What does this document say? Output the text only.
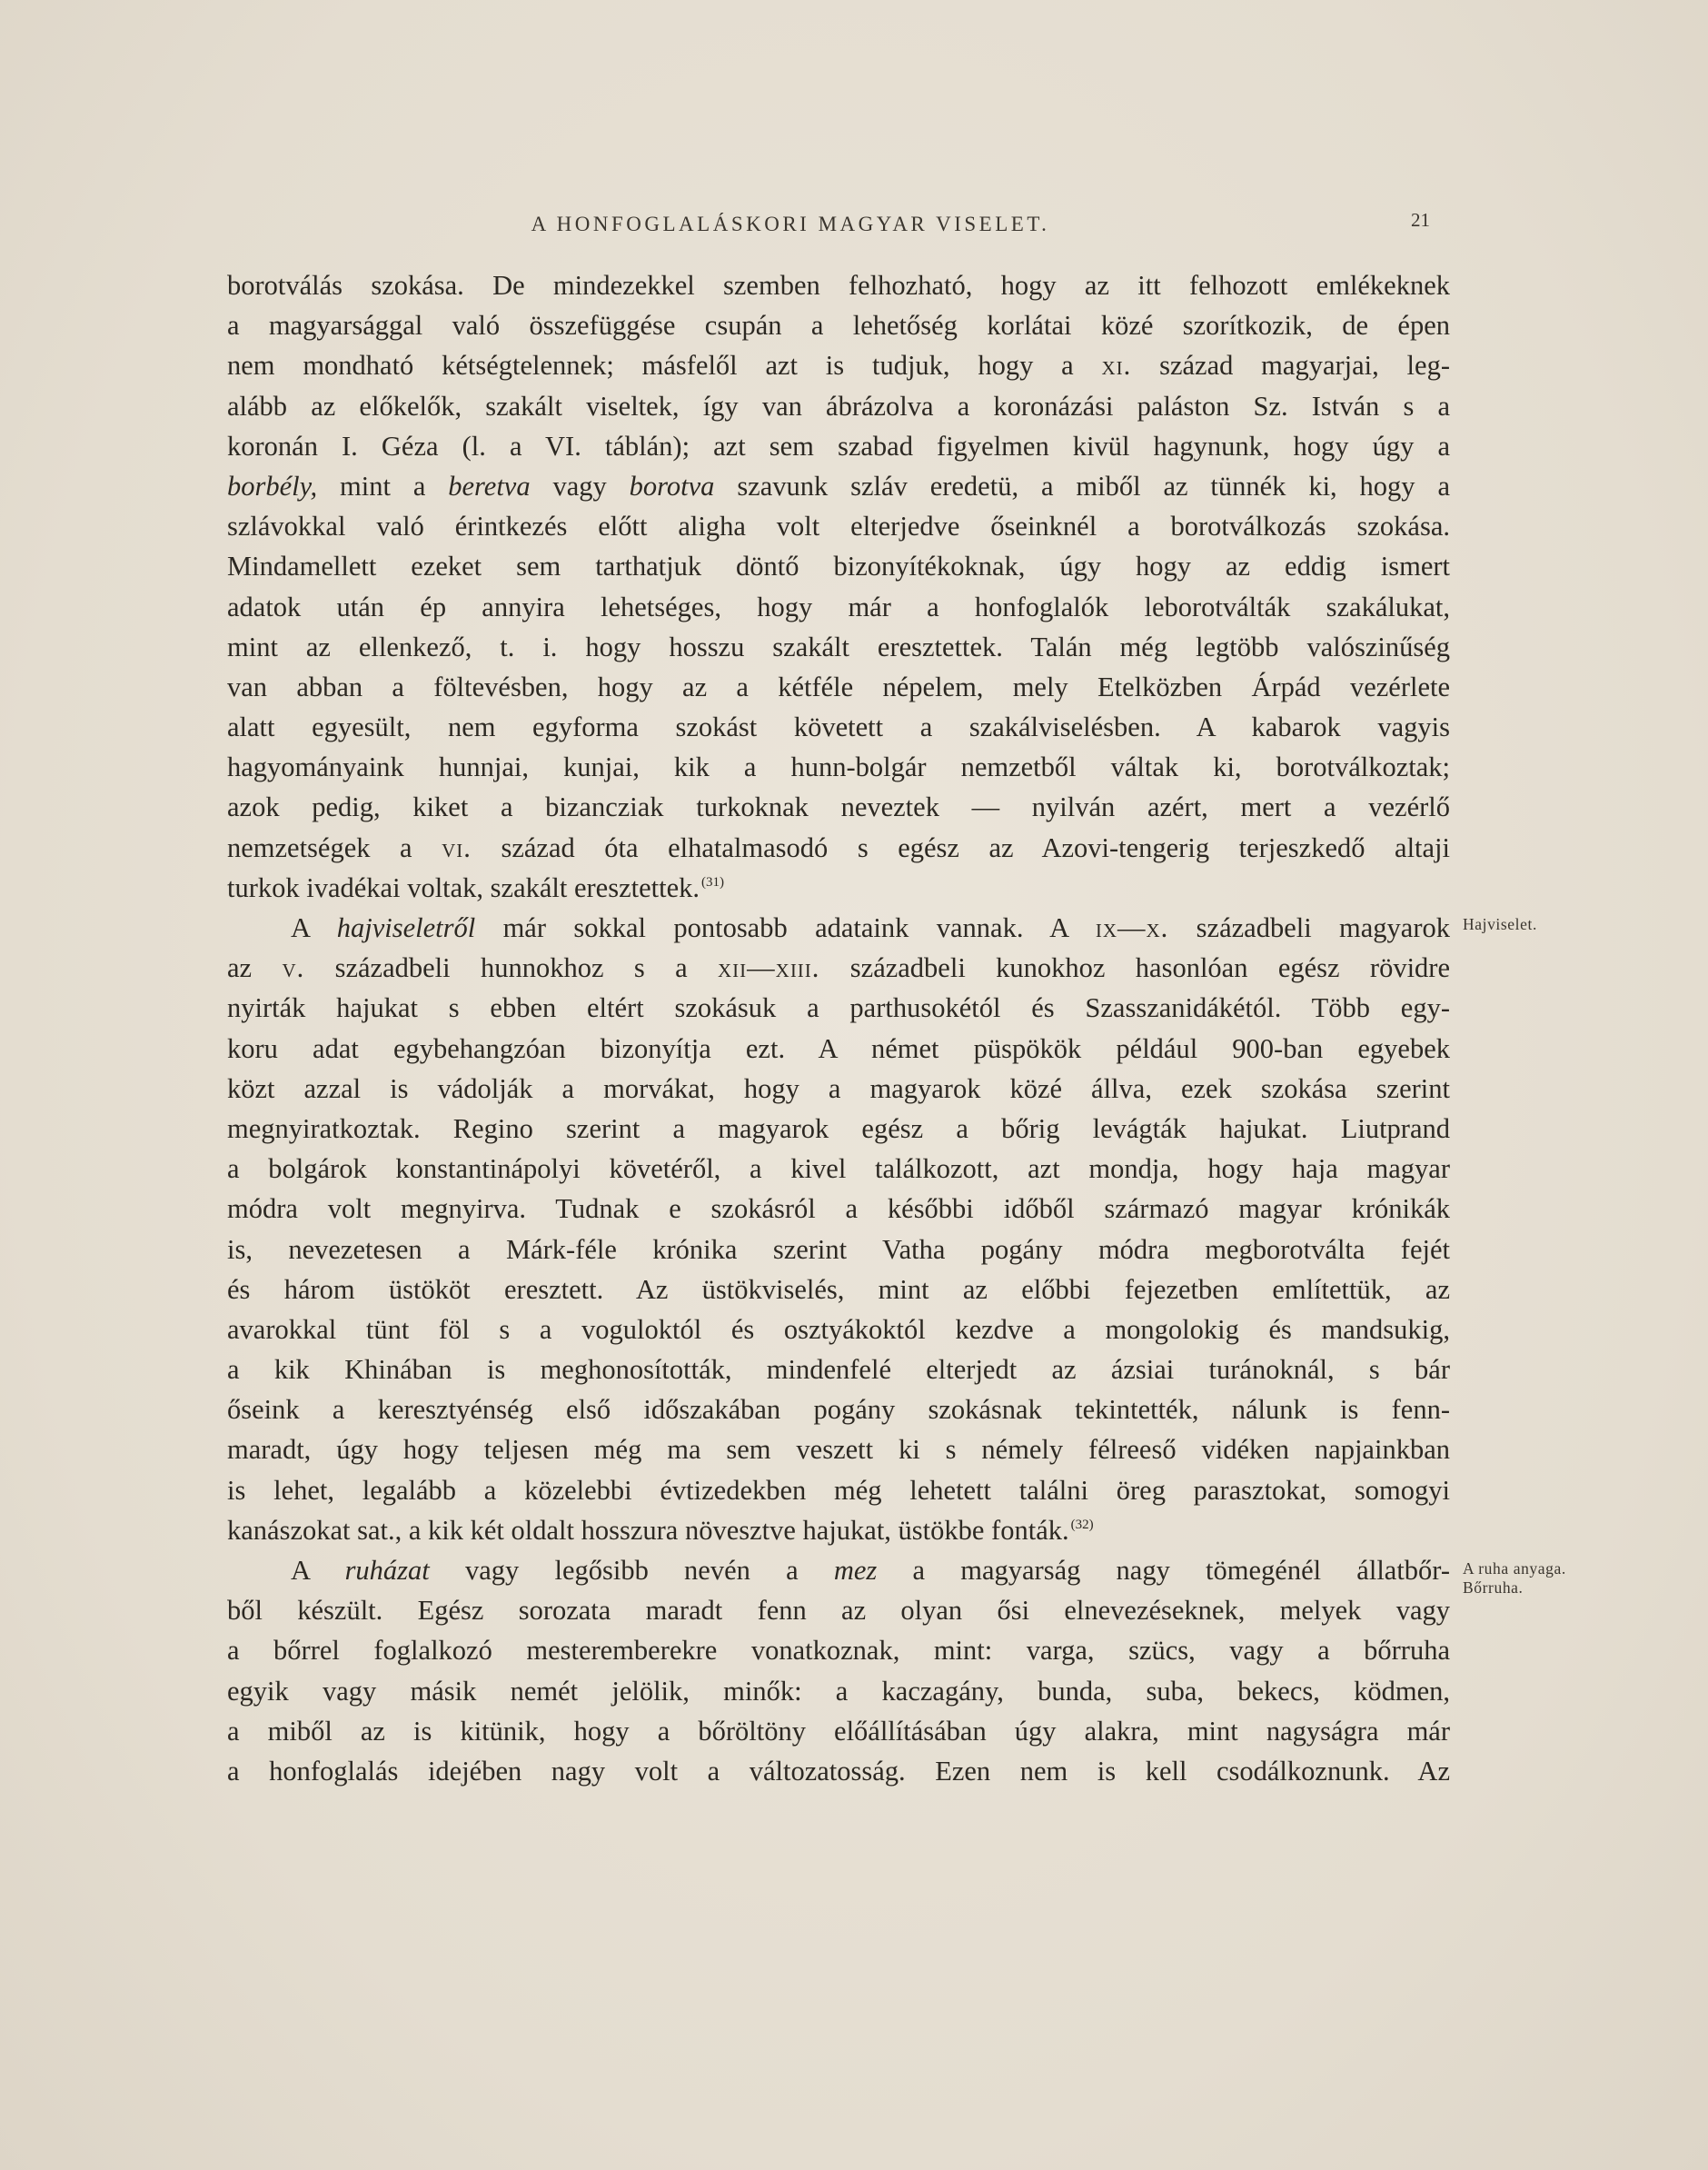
A HONFOGLALÁSKORI MAGYAR VISELET.	21
borotválás szokása. De mindezekkel szemben felhozható, hogy az itt felhozott emlékeknek
a magyarsággal való összefüggése csupán a lehetőség korlátai közé szorítkozik, de épen
nem mondható kétségtelennek; másfelől azt is tudjuk, hogy a xi. század magyarjai, leg-
alább az előkelők, szakált viseltek, így van ábrázolva a koronázási paláston Sz. István s a
koronán I. Géza (l. a VI. táblán); azt sem szabad figyelmen kivül hagynunk, hogy úgy a
borbély, mint a beretva vagy borotva szavunk szláv eredetü, a miből az tünnék ki, hogy a
szlávokkal való érintkezés előtt aligha volt elterjedve őseinknél a borotválkozás szokása.
Mindamellett ezeket sem tarthatjuk döntő bizonyítékoknak, úgy hogy az eddig ismert
adatok után ép annyira lehetséges, hogy már a honfoglalók leborotválták szakálukat,
mint az ellenkező, t. i. hogy hosszu szakált eresztettek. Talán még legtöbb valószinűség
van abban a föltevésben, hogy az a kétféle népelem, mely Etelközben Árpád vezérlete
alatt egyesült, nem egyforma szokást követett a szakálviselésben. A kabarok vagyis
hagyományaink hunnjai, kunjai, kik a hunn-bolgár nemzetből váltak ki, borotválkoztak;
azok pedig, kiket a bizancziak turkoknak neveztek — nyilván azért, mert a vezérlő
nemzetségek a vi. század óta elhatalmasodó s egész az Azovi-tengerig terjeszkedő altaji
turkok ivadékai voltak, szakált eresztettek. $^{(31)}$
A hajviseletről már sokkal pontosabb adataink vannak. A ix—x. századbeli magyarok
az v. századbeli hunnokhoz s a xii—xiii. századbeli kunokhoz hasonlóan egész rövidre
nyirták hajukat s ebben eltért szokásuk a parthusokétól és Szasszanidákétól. Több egy-
koru adat egybehangzóan bizonyítja ezt. A német püspökök például 900-ban egyebek
közt azzal is vádolják a morvákat, hogy a magyarok közé állva, ezek szokása szerint
megnyiratkoztak. Regino szerint a magyarok egész a bőrig levágták hajukat. Liutprand
a bolgárok konstantinápolyi követéről, a kivel találkozott, azt mondja, hogy haja magyar
módra volt megnyirva. Tudnak e szokásról a későbbi időből származó magyar krónikák
is, nevezetesen a Márk-féle krónika szerint Vatha pogány módra megborotválta fejét
és három üstököt eresztett. Az üstökviselés, mint az előbbi fejezetben említettük, az
avarokkal tünt föl s a voguloktól és osztyákoktól kezdve a mongolokig és mandsukig,
a kik Khinában is meghonosították, mindenfelé elterjedt az ázsiai turánoknál, s bár
őseink a keresztyénség első időszakában pogány szokásnak tekintették, nálunk is fenn-
maradt, úgy hogy teljesen még ma sem veszett ki s némely félreeső vidéken napjainkban
is lehet, legalább a közelebbi évtizedekben még lehetett találni öreg parasztokat, somogyi
kanászokat sat., a kik két oldalt hosszura növesztve hajukat, üstökbe fonták. $^{(32)}$
A ruházat vagy legősibb nevén a mez a magyarság nagy tömegénél állatbőr-
ből készült. Egész sorozata maradt fenn az olyan ősi elnevezéseknek, melyek vagy
a bőrrel foglalkozó mesteremberekre vonatkoznak, mint: varga, szücs, vagy a bőrruha
egyik vagy másik nemét jelölik, minők: a kaczagány, bunda, suba, bekecs, ködmen,
a miből az is kitünik, hogy a bőröltöny előállításában úgy alakra, mint nagyságra már
a honfoglalás idejében nagy volt a változatosság. Ezen nem is kell csodálkoznunk. Az
Hajviselet.
A ruha anyaga.
Bőrruha.
